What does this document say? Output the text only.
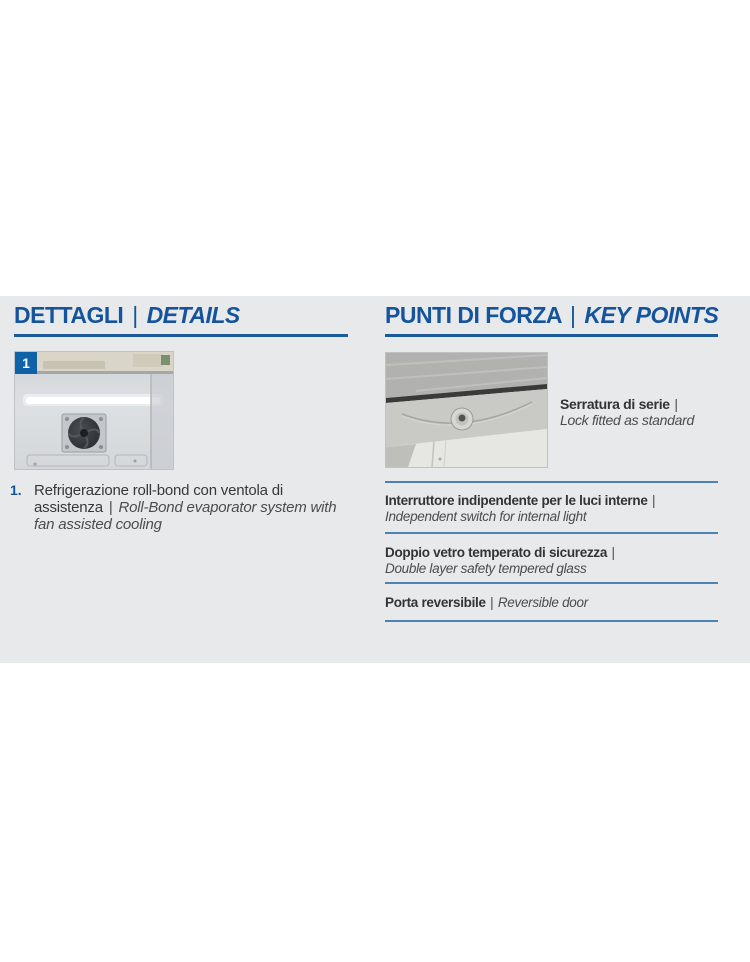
DETTAGLI | DETAILS
1
1. Refrigerazione roll-bond con ventola di assistenza | Roll-Bond evaporator system with fan assisted cooling

PUNTI DI FORZA | KEY POINTS

Serratura di serie |
Lock fitted as standard

Interruttore indipendente per le luci interne |
Independent switch for internal light

Doppio vetro temperato di sicurezza |
Double layer safety tempered glass

Porta reversibile | Reversible door
